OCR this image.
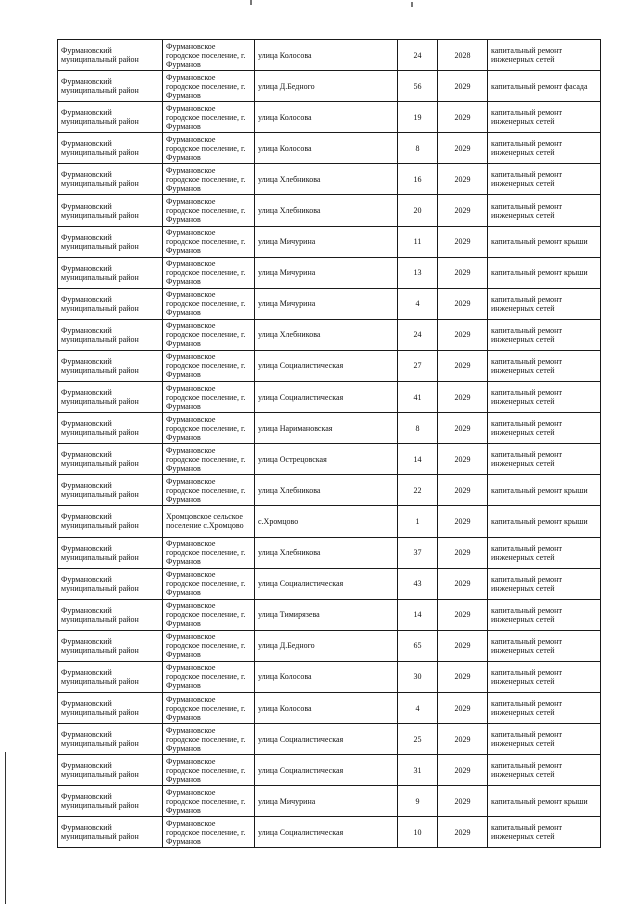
Фурмановский муниципальный район	Фурмановское городское поселение, г. Фурманов	улица Колосова	24	2028	капитальный ремонт инженерных сетей
Фурмановский муниципальный район	Фурмановское городское поселение, г. Фурманов	улица Д.Бедного	56	2029	капитальный ремонт фасада
Фурмановский муниципальный район	Фурмановское городское поселение, г. Фурманов	улица Колосова	19	2029	капитальный ремонт инженерных сетей
Фурмановский муниципальный район	Фурмановское городское поселение, г. Фурманов	улица Колосова	8	2029	капитальный ремонт инженерных сетей
Фурмановский муниципальный район	Фурмановское городское поселение, г. Фурманов	улица Хлебникова	16	2029	капитальный ремонт инженерных сетей
Фурмановский муниципальный район	Фурмановское городское поселение, г. Фурманов	улица Хлебникова	20	2029	капитальный ремонт инженерных сетей
Фурмановский муниципальный район	Фурмановское городское поселение, г. Фурманов	улица Мичурина	11	2029	капитальный ремонт крыши
Фурмановский муниципальный район	Фурмановское городское поселение, г. Фурманов	улица Мичурина	13	2029	капитальный ремонт крыши
Фурмановский муниципальный район	Фурмановское городское поселение, г. Фурманов	улица Мичурина	4	2029	капитальный ремонт инженерных сетей
Фурмановский муниципальный район	Фурмановское городское поселение, г. Фурманов	улица Хлебникова	24	2029	капитальный ремонт инженерных сетей
Фурмановский муниципальный район	Фурмановское городское поселение, г. Фурманов	улица Социалистическая	27	2029	капитальный ремонт инженерных сетей
Фурмановский муниципальный район	Фурмановское городское поселение, г. Фурманов	улица Социалистическая	41	2029	капитальный ремонт инженерных сетей
Фурмановский муниципальный район	Фурмановское городское поселение, г. Фурманов	улица Наримановская	8	2029	капитальный ремонт инженерных сетей
Фурмановский муниципальный район	Фурмановское городское поселение, г. Фурманов	улица Острецовская	14	2029	капитальный ремонт инженерных сетей
Фурмановский муниципальный район	Фурмановское городское поселение, г. Фурманов	улица Хлебникова	22	2029	капитальный ремонт крыши
Фурмановский муниципальный район	Хромцовское сельское поселение с.Хромцово	с.Хромцово	1	2029	капитальный ремонт крыши
Фурмановский муниципальный район	Фурмановское городское поселение, г. Фурманов	улица Хлебникова	37	2029	капитальный ремонт инженерных сетей
Фурмановский муниципальный район	Фурмановское городское поселение, г. Фурманов	улица Социалистическая	43	2029	капитальный ремонт инженерных сетей
Фурмановский муниципальный район	Фурмановское городское поселение, г. Фурманов	улица Тимирязева	14	2029	капитальный ремонт инженерных сетей
Фурмановский муниципальный район	Фурмановское городское поселение, г. Фурманов	улица Д.Бедного	65	2029	капитальный ремонт инженерных сетей
Фурмановский муниципальный район	Фурмановское городское поселение, г. Фурманов	улица Колосова	30	2029	капитальный ремонт инженерных сетей
Фурмановский муниципальный район	Фурмановское городское поселение, г. Фурманов	улица Колосова	4	2029	капитальный ремонт инженерных сетей
Фурмановский муниципальный район	Фурмановское городское поселение, г. Фурманов	улица Социалистическая	25	2029	капитальный ремонт инженерных сетей
Фурмановский муниципальный район	Фурмановское городское поселение, г. Фурманов	улица Социалистическая	31	2029	капитальный ремонт инженерных сетей
Фурмановский муниципальный район	Фурмановское городское поселение, г. Фурманов	улица Мичурина	9	2029	капитальный ремонт крыши
Фурмановский муниципальный район	Фурмановское городское поселение, г. Фурманов	улица Социалистическая	10	2029	капитальный ремонт инженерных сетей
